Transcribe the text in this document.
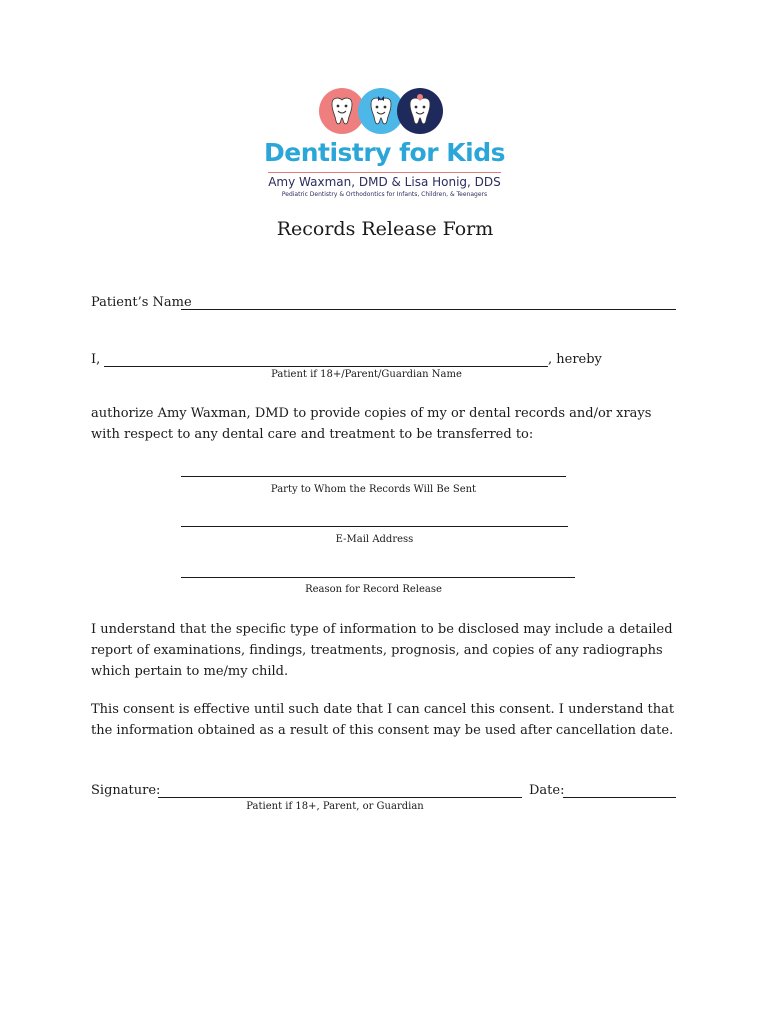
Dentistry for Kids
Amy Waxman, DMD & Lisa Honig, DDS
Pediatric Dentistry & Orthodontics for Infants, Children, & Teenagers
Records Release Form
Patient’s Name
I,	, hereby
Patient if 18+/Parent/Guardian Name
authorize Amy Waxman, DMD to provide copies of my or dental records and/or xrays with respect to any dental care and treatment to be transferred to:
Party to Whom the Records Will Be Sent
E-Mail Address
Reason for Record Release
I understand that the specific type of information to be disclosed may include a detailed report of examinations, findings, treatments, prognosis, and copies of any radiographs which pertain to me/my child.
This consent is effective until such date that I can cancel this consent. I understand that the information obtained as a result of this consent may be used after cancellation date.
Signature:	Date:
Patient if 18+, Parent, or Guardian
